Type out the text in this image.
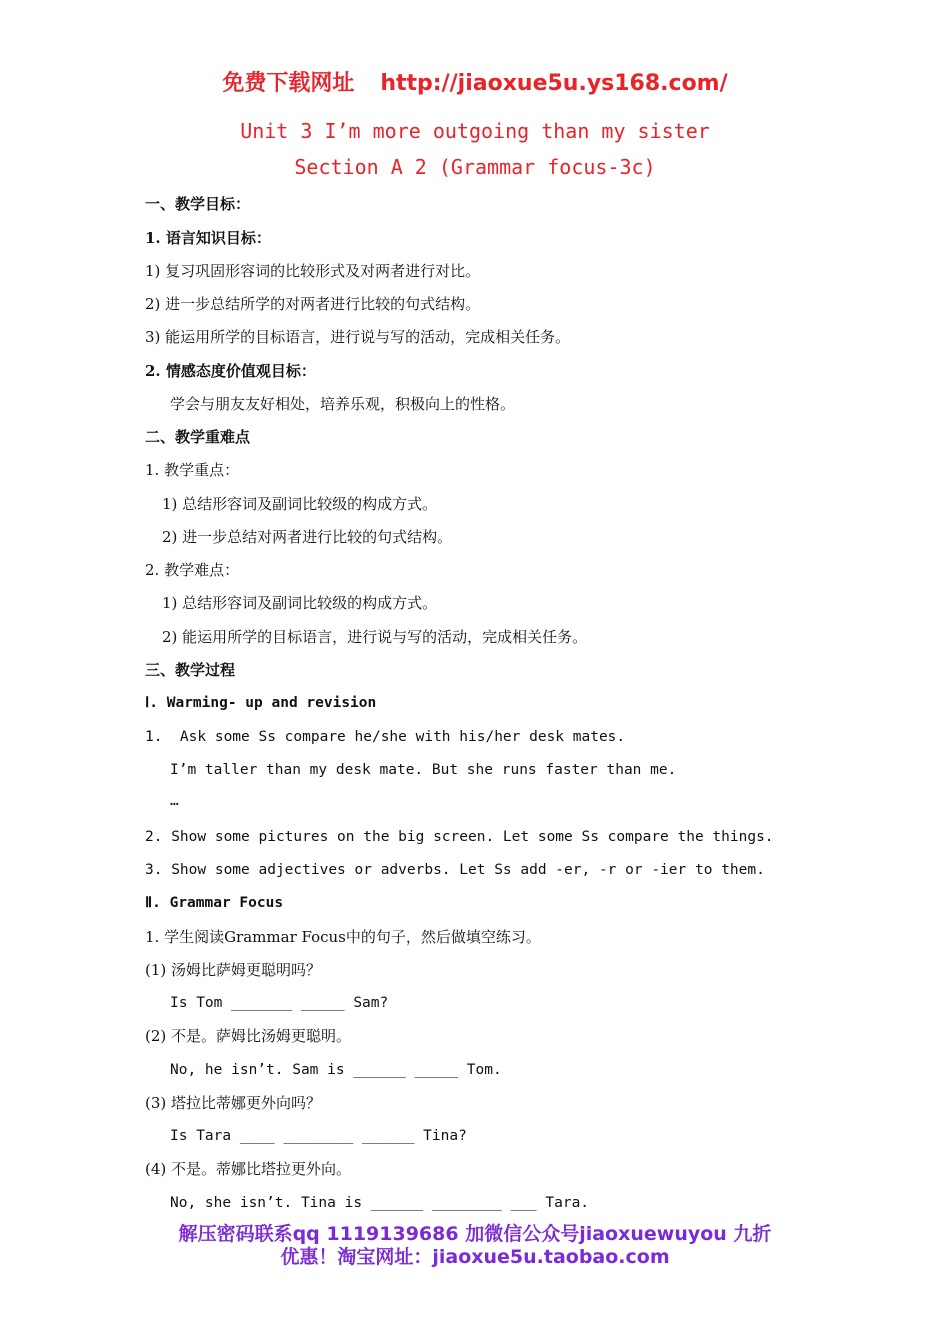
免费下载网址 http://jiaoxue5u.ys168.com/
Unit 3 I’m more outgoing than my sister
Section A 2 (Grammar focus-3c)
一、教学目标：
1. 语言知识目标：
1) 复习巩固形容词的比较形式及对两者进行对比。
2) 进一步总结所学的对两者进行比较的句式结构。
3) 能运用所学的目标语言，进行说与写的活动，完成相关任务。
2. 情感态度价值观目标：
学会与朋友友好相处，培养乐观，积极向上的性格。
二、教学重难点
1. 教学重点：
1) 总结形容词及副词比较级的构成方式。
2) 进一步总结对两者进行比较的句式结构。
2. 教学难点：
1) 总结形容词及副词比较级的构成方式。
2) 能运用所学的目标语言，进行说与写的活动，完成相关任务。
三、教学过程
Ⅰ. Warming- up and revision
1.  Ask some Ss compare he/she with his/her desk mates.
I’m taller than my desk mate. But she runs faster than me.
…
2. Show some pictures on the big screen. Let some Ss compare the things.
3. Show some adjectives or adverbs. Let Ss add -er, -r or -ier to them.
Ⅱ. Grammar Focus
1. 学生阅读Grammar Focus中的句子，然后做填空练习。
(1) 汤姆比萨姆更聪明吗？
Is Tom _______ _____ Sam?
(2) 不是。萨姆比汤姆更聪明。
No, he isn’t. Sam is ______ _____ Tom.
(3) 塔拉比蒂娜更外向吗？
Is Tara ____ ________ ______ Tina?
(4) 不是。蒂娜比塔拉更外向。
No, she isn’t. Tina is ______ ________ ___ Tara.
解压密码联系qq 1119139686 加微信公众号jiaoxuewuyou 九折
优惠！淘宝网址：jiaoxue5u.taobao.com
